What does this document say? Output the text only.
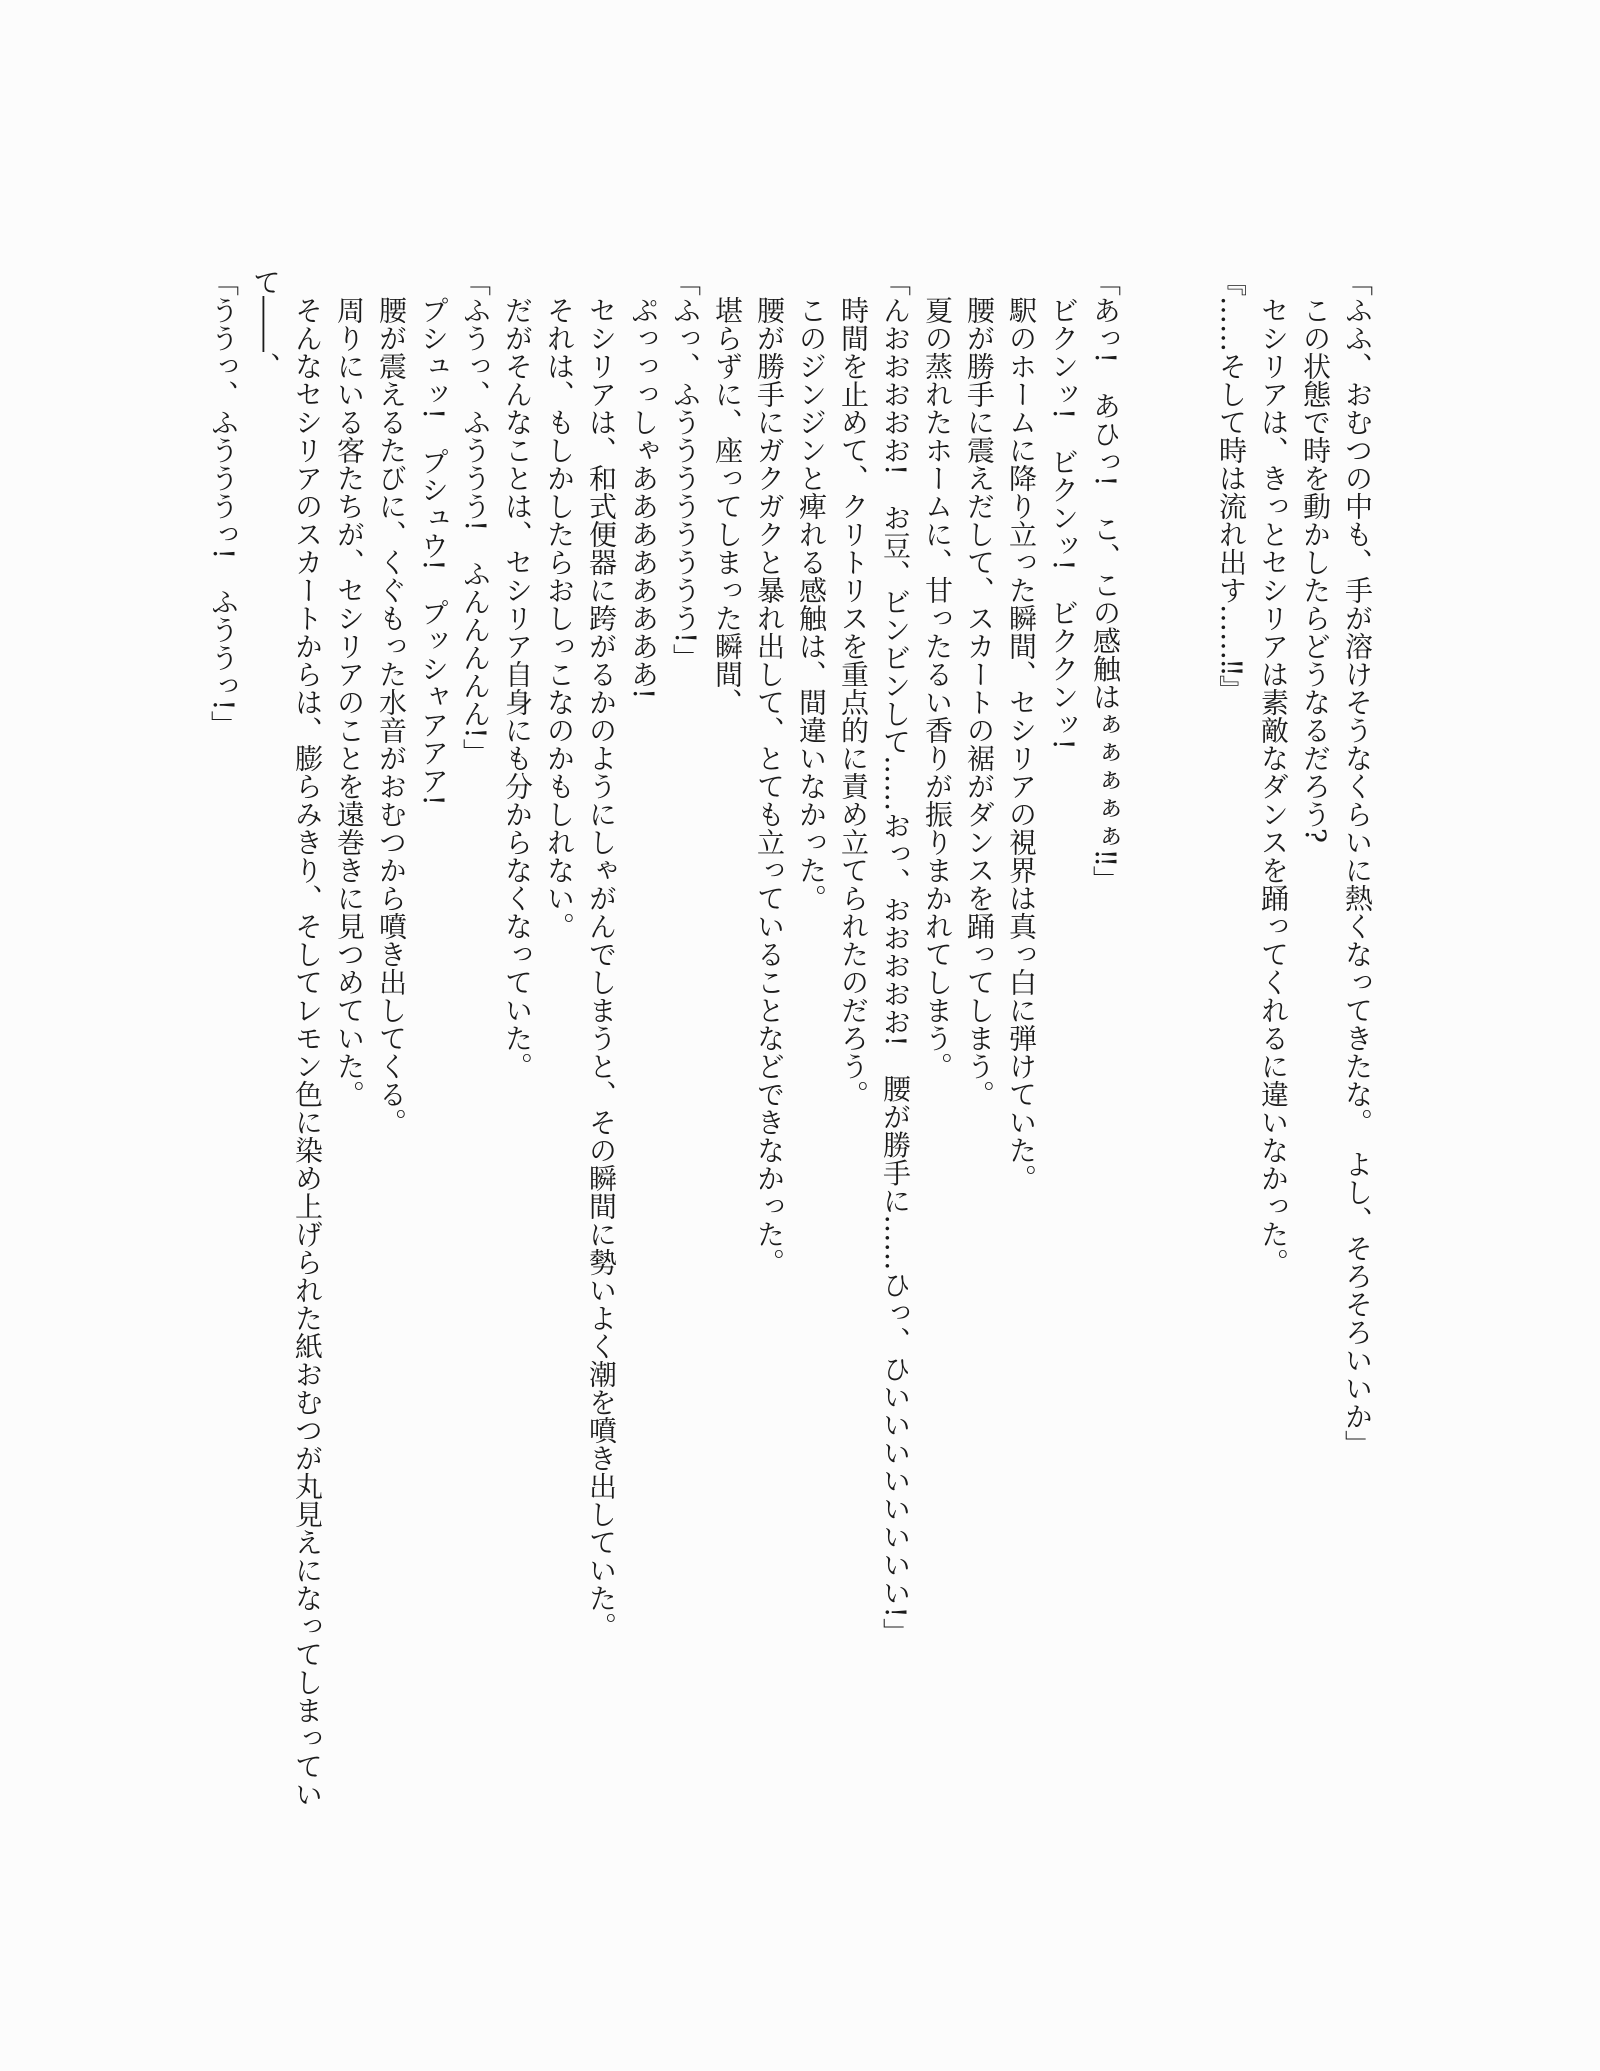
「ふふ、おむつの中も、手が溶けそうなくらいに熱くなってきたな。　よし、そろそろいいか」

この状態で時を動かしたらどうなるだろう?

セシリアは、きっとセシリアは素敵なダンスを踊ってくれるに違いなかった。

『……そして時は流れ出す……‼』

「あっ!　あひっ!　こ、この感触はぁぁぁぁぁ‼」

ビクンッ!　ビクンッ!　ビククンッ!

駅のホームに降り立った瞬間、セシリアの視界は真っ白に弾けていた。

腰が勝手に震えだして、スカートの裾がダンスを踊ってしまう。

夏の蒸れたホームに、甘ったるい香りが振りまかれてしまう。

「んおおおおお!　お豆、ビンビンして……おっ、おおおおお!　腰が勝手に……ひっ、ひいいいいいいいい!」

時間を止めて、クリトリスを重点的に責め立てられたのだろう。

このジンジンと痺れる感触は、間違いなかった。

腰が勝手にガクガクと暴れ出して、とても立っていることなどできなかった。

堪らずに、座ってしまった瞬間、

「ふっ、ふうううううううう!」

ぷっっっしゃああああああああ!

セシリアは、和式便器に跨がるかのようにしゃがんでしまうと、その瞬間に勢いよく潮を噴き出していた。

それは、もしかしたらおしっこなのかもしれない。

だがそんなことは、セシリア自身にも分からなくなっていた。

「ふうっ、ふううう!　ふんんんんん!」

プシュッ!　プシュウ!　プッシャアアア!

腰が震えるたびに、くぐもった水音がおむつから噴き出してくる。

周りにいる客たちが、セシリアのことを遠巻きに見つめていた。

そんなセシリアのスカートからは、膨らみきり、そしてレモン色に染め上げられた紙おむつが丸見えになってしまってい

て――、

「ううっ、ふうううっ!　ふううっ!」
